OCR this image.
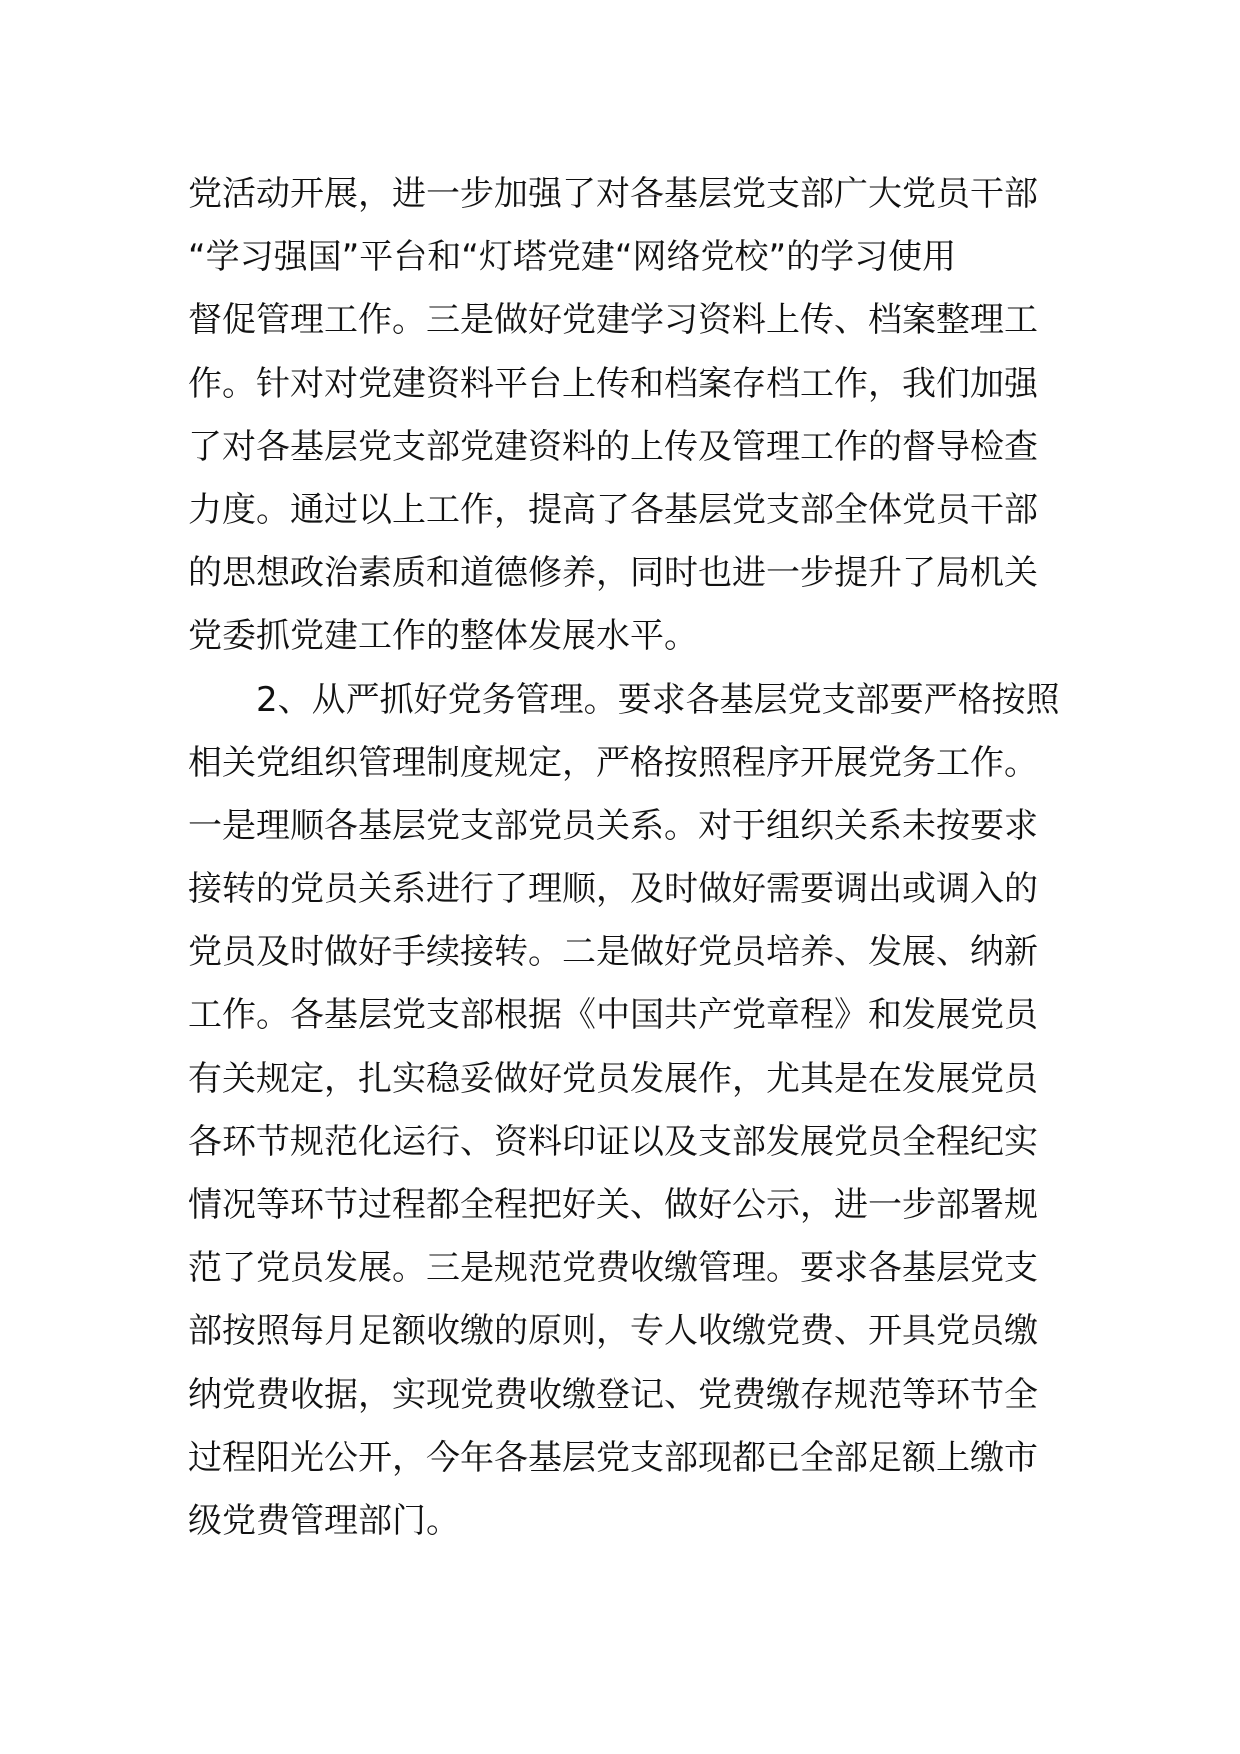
党活动开展，进一步加强了对各基层党支部广大党员干部
“学习强国”平台和“灯塔党建“网络党校”的学习使用
督促管理工作。三是做好党建学习资料上传、档案整理工
作。针对对党建资料平台上传和档案存档工作，我们加强
了对各基层党支部党建资料的上传及管理工作的督导检查
力度。通过以上工作，提高了各基层党支部全体党员干部
的思想政治素质和道德修养，同时也进一步提升了局机关
党委抓党建工作的整体发展水平。
2、从严抓好党务管理。要求各基层党支部要严格按照
相关党组织管理制度规定，严格按照程序开展党务工作。
一是理顺各基层党支部党员关系。对于组织关系未按要求
接转的党员关系进行了理顺，及时做好需要调出或调入的
党员及时做好手续接转。二是做好党员培养、发展、纳新
工作。各基层党支部根据《中国共产党章程》和发展党员
有关规定，扎实稳妥做好党员发展作，尤其是在发展党员
各环节规范化运行、资料印证以及支部发展党员全程纪实
情况等环节过程都全程把好关、做好公示，进一步部署规
范了党员发展。三是规范党费收缴管理。要求各基层党支
部按照每月足额收缴的原则，专人收缴党费、开具党员缴
纳党费收据，实现党费收缴登记、党费缴存规范等环节全
过程阳光公开，今年各基层党支部现都已全部足额上缴市
级党费管理部门。
